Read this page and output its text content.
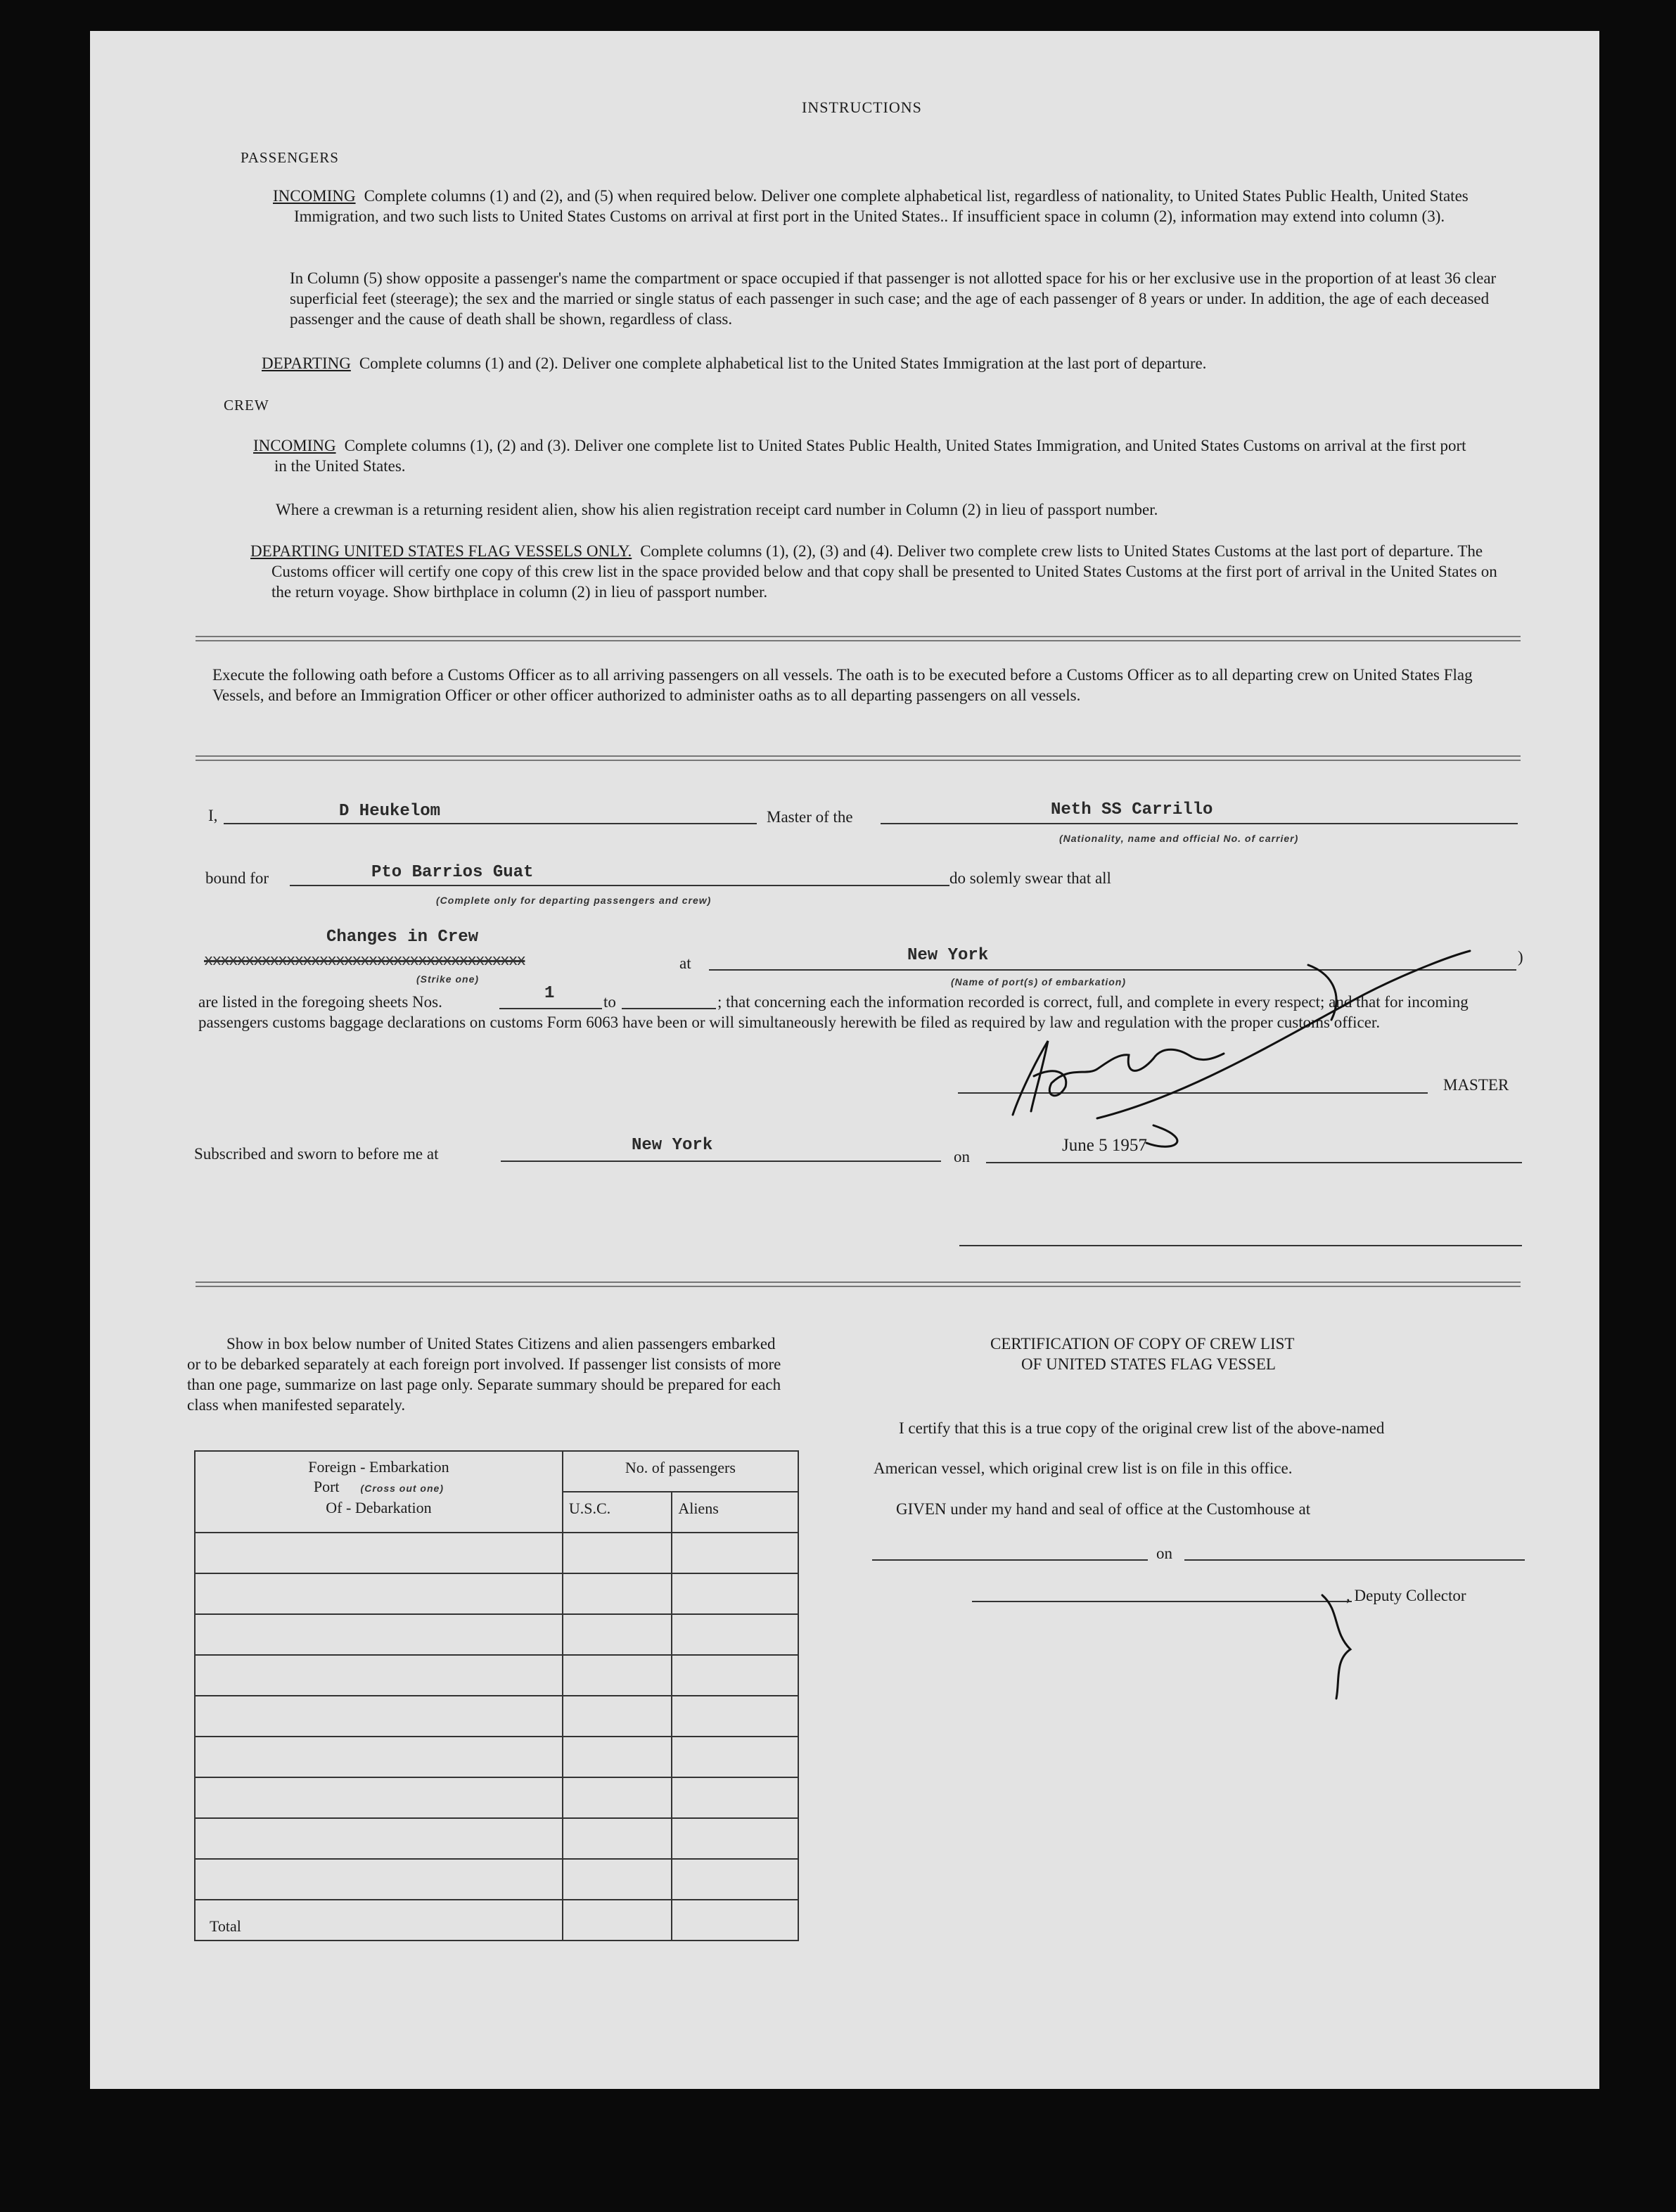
INSTRUCTIONS
PASSENGERS
INCOMING Complete columns (1) and (2), and (5) when required below. Deliver one complete alphabetical list, regardless of nationality, to United States Public Health, United States Immigration, and two such lists to United States Customs on arrival at first port in the United States.. If insufficient space in column (2), information may extend into column (3).
In Column (5) show opposite a passenger's name the compartment or space occupied if that passenger is not allotted space for his or her exclusive use in the proportion of at least 36 clear superficial feet (steerage); the sex and the married or single status of each passenger in such case; and the age of each passenger of 8 years or under. In addition, the age of each deceased passenger and the cause of death shall be shown, regardless of class.
DEPARTING Complete columns (1) and (2). Deliver one complete alphabetical list to the United States Immigration at the last port of departure.
CREW
INCOMING Complete columns (1), (2) and (3). Deliver one complete list to United States Public Health, United States Immigration, and United States Customs on arrival at the first port in the United States.
Where a crewman is a returning resident alien, show his alien registration receipt card number in Column (2) in lieu of passport number.
DEPARTING UNITED STATES FLAG VESSELS ONLY. Complete columns (1), (2), (3) and (4). Deliver two complete crew lists to United States Customs at the last port of departure. The Customs officer will certify one copy of this crew list in the space provided below and that copy shall be presented to United States Customs at the first port of arrival in the United States on the return voyage. Show birthplace in column (2) in lieu of passport number.
Execute the following oath before a Customs Officer as to all arriving passengers on all vessels. The oath is to be executed before a Customs Officer as to all departing crew on United States Flag Vessels, and before an Immigration Officer or other officer authorized to administer oaths as to all departing passengers on all vessels.
I,	D Heukelom	Master of the	Neth SS Carrillo
(Nationality, name and official No. of carrier)
bound for	Pto Barrios Guat
(Complete only for departing passengers and crew)
do solemly swear that all
Changes in Crew
xxxxxxxxxxxxxxxxxxxxxxxxxxxxxxxxxxxxxxx
(Strike one)
at	New York
(Name of port(s) of embarkation)
)
are listed in the foregoing sheets Nos.	1	to	; that concerning each the information recorded is correct, full, and complete in every respect; and that for incoming passengers customs baggage declarations on customs Form 6063 have been or will simultaneously herewith be filed as required by law and regulation with the proper customs officer.
MASTER
Subscribed and sworn to before me at	New York
on
June 5 1957
Show in box below number of United States Citizens and alien passengers embarked or to be debarked separately at each foreign port involved. If passenger list consists of more than one page, summarize on last page only. Separate summary should be prepared for each class when manifested separately.
Foreign - Embarkation
Port (Cross out one)
Of - Debarkation	No. of passengers	
	U.S.C.	Aliens

Total		
CERTIFICATION OF COPY OF CREW LIST
OF UNITED STATES FLAG VESSEL
I certify that this is a true copy of the original crew list of the above-named
American vessel, which original crew list is on file in this office.
GIVEN under my hand and seal of office at the Customhouse at
on
, Deputy Collector
